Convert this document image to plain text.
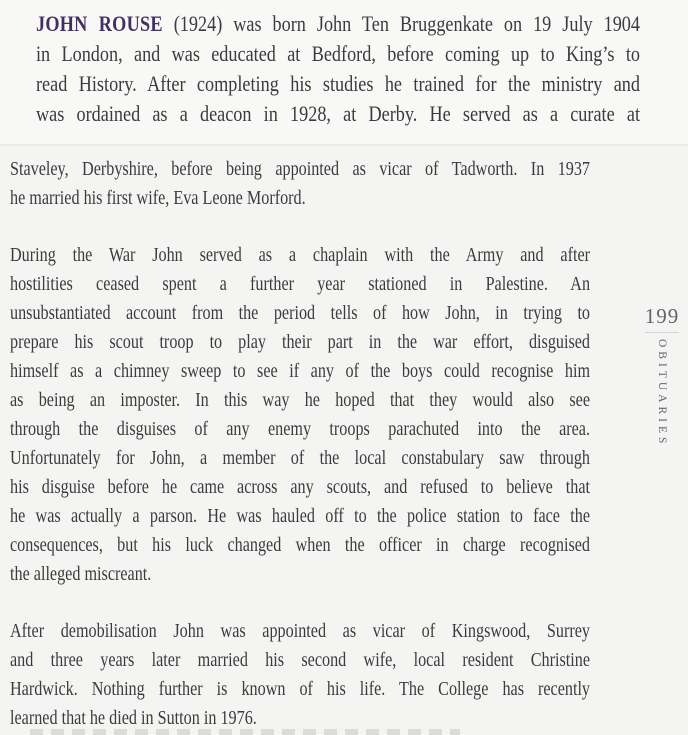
JOHN ROUSE (1924) was born John Ten Bruggenkate on 19 July 1904
in London, and was educated at Bedford, before coming up to King’s to
read History. After completing his studies he trained for the ministry and
was ordained as a deacon in 1928, at Derby. He served as a curate at
Staveley, Derbyshire, before being appointed as vicar of Tadworth. In 1937
he married his first wife, Eva Leone Morford.
During the War John served as a chaplain with the Army and after
hostilities ceased spent a further year stationed in Palestine. An
unsubstantiated account from the period tells of how John, in trying to
prepare his scout troop to play their part in the war effort, disguised
himself as a chimney sweep to see if any of the boys could recognise him
as being an imposter. In this way he hoped that they would also see
through the disguises of any enemy troops parachuted into the area.
Unfortunately for John, a member of the local constabulary saw through
his disguise before he came across any scouts, and refused to believe that
he was actually a parson. He was hauled off to the police station to face the
consequences, but his luck changed when the officer in charge recognised
the alleged miscreant.
After demobilisation John was appointed as vicar of Kingswood, Surrey
and three years later married his second wife, local resident Christine
Hardwick. Nothing further is known of his life. The College has recently
learned that he died in Sutton in 1976.
199
OBITUARIES
